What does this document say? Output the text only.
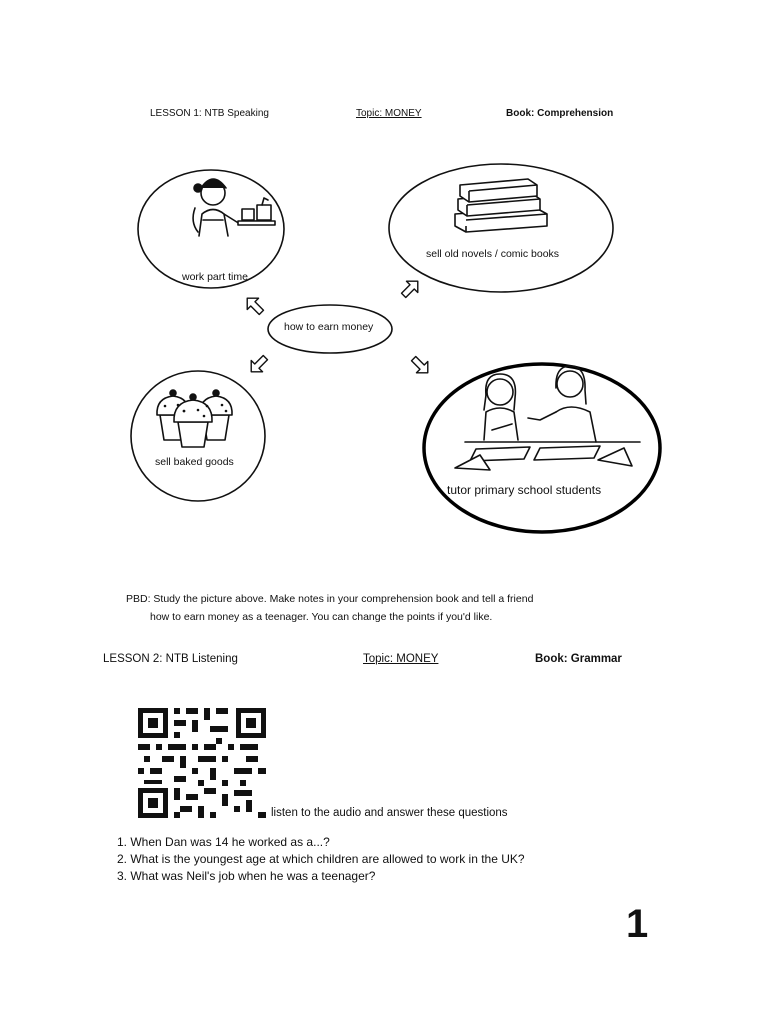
LESSON 1: NTB Speaking	Topic: MONEY	Book: Comprehension
work part time
sell old novels / comic books
how to earn money
sell baked goods
tutor primary school students
PBD: Study the picture above. Make notes in your comprehension book and tell a friend
how to earn money as a teenager. You can change the points if you'd like.
LESSON 2: NTB Listening	Topic: MONEY	Book: Grammar
listen to the audio and answer these questions
1. When Dan was 14 he worked as a...?
2. What is the youngest age at which children are allowed to work in the UK?
3. What was Neil's job when he was a teenager?
1
